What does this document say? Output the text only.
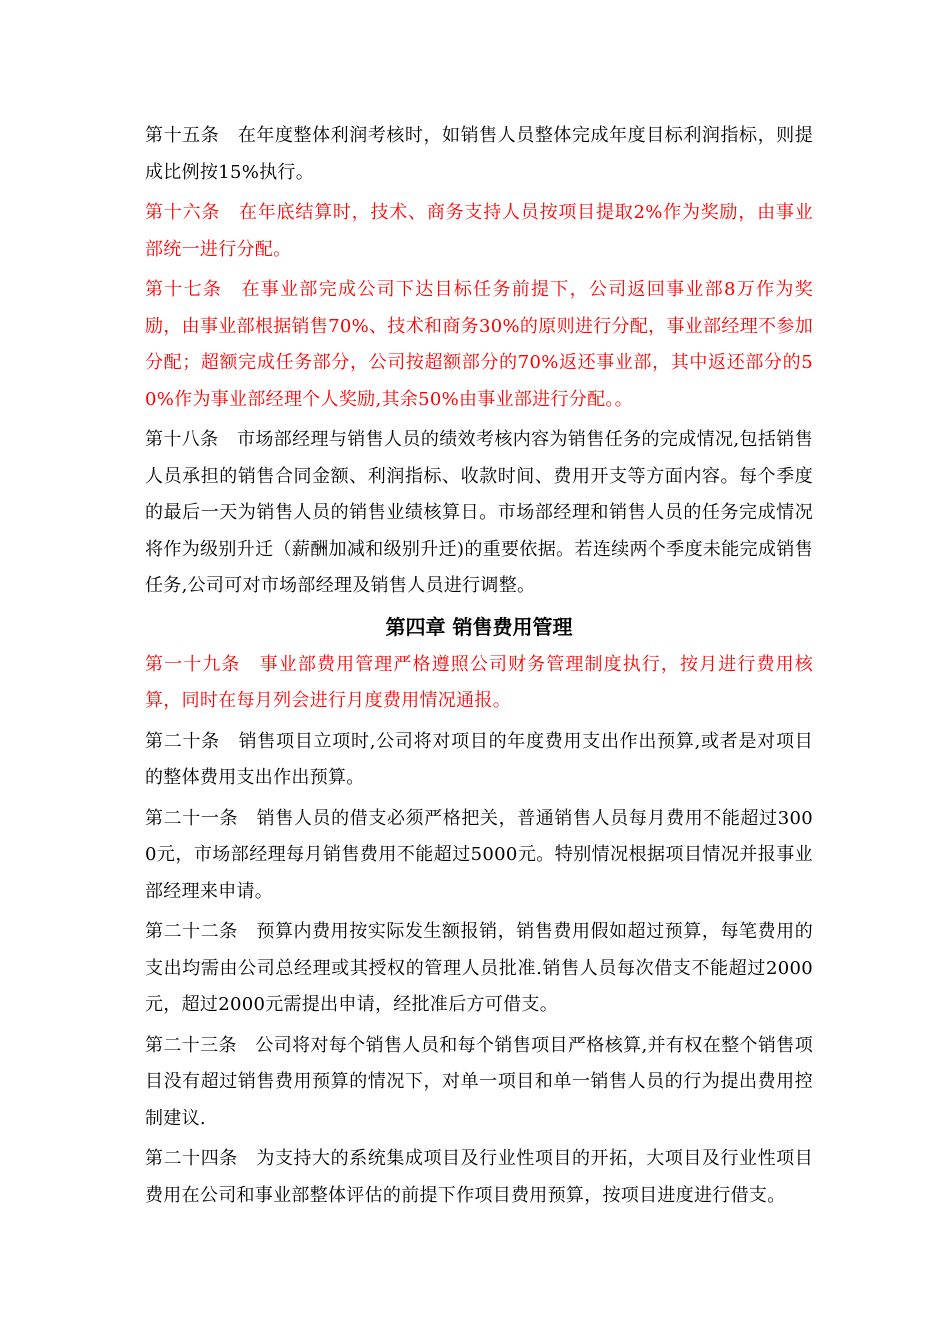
第十五条　在年度整体利润考核时，如销售人员整体完成年度目标利润指标，则提成比例按15%执行。

第十六条　在年底结算时，技术、商务支持人员按项目提取2%作为奖励，由事业部统一进行分配。

第十七条　在事业部完成公司下达目标任务前提下，公司返回事业部8万作为奖励，由事业部根据销售70%、技术和商务30%的原则进行分配，事业部经理不参加分配；超额完成任务部分，公司按超额部分的70%返还事业部，其中返还部分的50%作为事业部经理个人奖励,其余50%由事业部进行分配。。

第十八条　市场部经理与销售人员的绩效考核内容为销售任务的完成情况,包括销售人员承担的销售合同金额、利润指标、收款时间、费用开支等方面内容。每个季度的最后一天为销售人员的销售业绩核算日。市场部经理和销售人员的任务完成情况将作为级别升迁（薪酬加减和级别升迁)的重要依据。若连续两个季度未能完成销售任务,公司可对市场部经理及销售人员进行调整。

第四章 销售费用管理

第一十九条　事业部费用管理严格遵照公司财务管理制度执行，按月进行费用核算，同时在每月列会进行月度费用情况通报。

第二十条　销售项目立项时,公司将对项目的年度费用支出作出预算,或者是对项目的整体费用支出作出预算。

第二十一条　销售人员的借支必须严格把关，普通销售人员每月费用不能超过3000元，市场部经理每月销售费用不能超过5000元。特别情况根据项目情况并报事业部经理来申请。

第二十二条　预算内费用按实际发生额报销，销售费用假如超过预算，每笔费用的支出均需由公司总经理或其授权的管理人员批准.销售人员每次借支不能超过2000元，超过2000元需提出申请，经批准后方可借支。

第二十三条　公司将对每个销售人员和每个销售项目严格核算,并有权在整个销售项目没有超过销售费用预算的情况下，对单一项目和单一销售人员的行为提出费用控制建议.

第二十四条　为支持大的系统集成项目及行业性项目的开拓，大项目及行业性项目费用在公司和事业部整体评估的前提下作项目费用预算，按项目进度进行借支。
